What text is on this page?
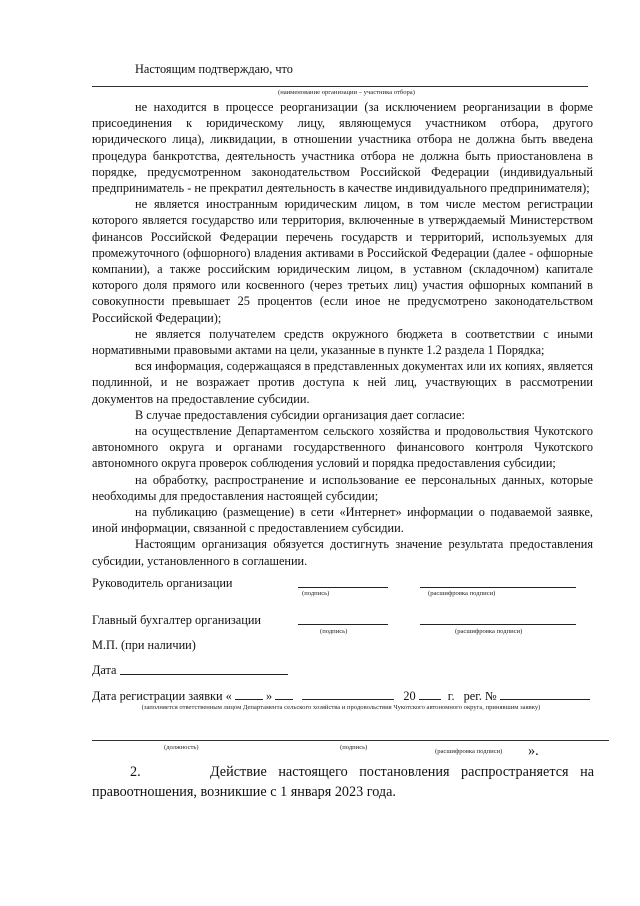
Настоящим подтверждаю, что
(наименование организации – участника отбора)

не находится в процессе реорганизации (за исключением реорганизации в форме присоединения к юридическому лицу, являющемуся участником отбора, другого юридического лица), ликвидации, в отношении участника отбора не должна быть введена процедура банкротства, деятельность участника отбора не должна быть приостановлена в порядке, предусмотренном законодательством Российской Федерации (индивидуальный предприниматель - не прекратил деятельность в качестве индивидуального предпринимателя);

не является иностранным юридическим лицом, в том числе местом регистрации которого является государство или территория, включенные в утверждаемый Министерством финансов Российской Федерации перечень государств и территорий, используемых для промежуточного (офшорного) владения активами в Российской Федерации (далее - офшорные компании), а также российским юридическим лицом, в уставном (складочном) капитале которого доля прямого или косвенного (через третьих лиц) участия офшорных компаний в совокупности превышает 25 процентов (если иное не предусмотрено законодательством Российской Федерации);

не является получателем средств окружного бюджета в соответствии с иными нормативными правовыми актами на цели, указанные в пункте 1.2 раздела 1 Порядка;

вся информация, содержащаяся в представленных документах или их копиях, является подлинной, и не возражает против доступа к ней лиц, участвующих в рассмотрении документов на предоставление субсидии.

В случае предоставления субсидии организация дает согласие:

на осуществление Департаментом сельского хозяйства и продовольствия Чукотского автономного округа и органами государственного финансового контроля Чукотского автономного округа проверок соблюдения условий и порядка предоставления субсидии;

на обработку, распространение и использование ее персональных данных, которые необходимы для предоставления настоящей субсидии;

на публикацию (размещение) в сети «Интернет» информации о подаваемой заявке, иной информации, связанной с предоставлением субсидии.

Настоящим организация обязуется достигнуть значение результата предоставления субсидии, установленного в соглашении.

Руководитель организации
(подпись)	(расшифровка подписи)
Главный бухгалтер организации
(подпись)	(расшифровка подписи)
М.П. (при наличии)
Дата
Дата регистрации заявки «	»	20	г. рег. №
(заполняется ответственным лицом Департамента сельского хозяйства и продовольствия Чукотского автономного округа, принявшим заявку)
(должность)	(подпись)
(расшифровка подписи) ».

2.	Действие настоящего постановления распространяется на правоотношения, возникшие с 1 января 2023 года.
